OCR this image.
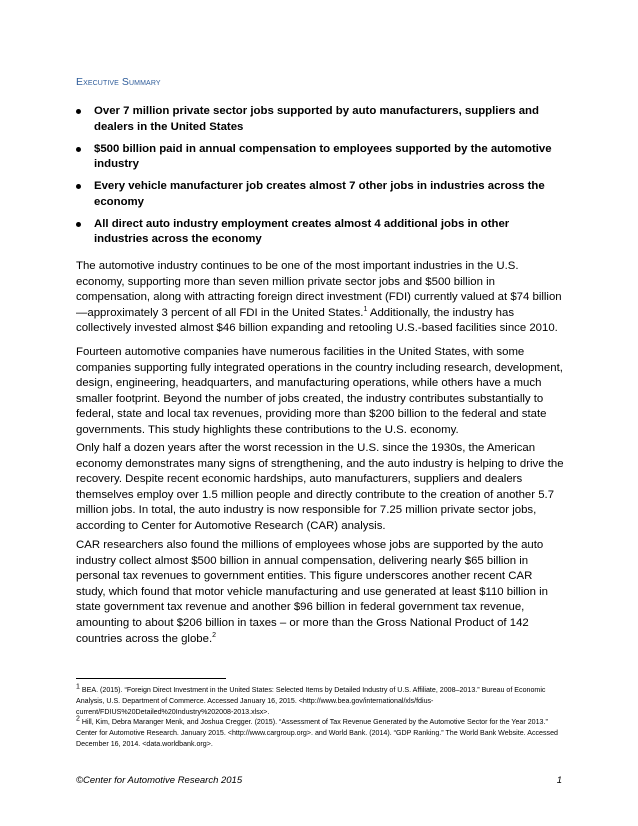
Executive Summary
Over 7 million private sector jobs supported by auto manufacturers, suppliers and dealers in the United States
$500 billion paid in annual compensation to employees supported by the automotive industry
Every vehicle manufacturer job creates almost 7 other jobs in industries across the economy
All direct auto industry employment creates almost 4 additional jobs in other industries across the economy

The automotive industry continues to be one of the most important industries in the U.S. economy, supporting more than seven million private sector jobs and $500 billion in compensation, along with attracting foreign direct investment (FDI) currently valued at $74 billion—approximately 3 percent of all FDI in the United States.$^1$ Additionally, the industry has collectively invested almost $46 billion expanding and retooling U.S.-based facilities since 2010.

Fourteen automotive companies have numerous facilities in the United States, with some companies supporting fully integrated operations in the country including research, development, design, engineering, headquarters, and manufacturing operations, while others have a much smaller footprint. Beyond the number of jobs created, the industry contributes substantially to federal, state and local tax revenues, providing more than $200 billion to the federal and state governments. This study highlights these contributions to the U.S. economy.

Only half a dozen years after the worst recession in the U.S. since the 1930s, the American economy demonstrates many signs of strengthening, and the auto industry is helping to drive the recovery. Despite recent economic hardships, auto manufacturers, suppliers and dealers themselves employ over 1.5 million people and directly contribute to the creation of another 5.7 million jobs. In total, the auto industry is now responsible for 7.25 million private sector jobs, according to Center for Automotive Research (CAR) analysis.

CAR researchers also found the millions of employees whose jobs are supported by the auto industry collect almost $500 billion in annual compensation, delivering nearly $65 billion in personal tax revenues to government entities. This figure underscores another recent CAR study, which found that motor vehicle manufacturing and use generated at least $110 billion in state government tax revenue and another $96 billion in federal government tax revenue, amounting to about $206 billion in taxes – or more than the Gross National Product of 142 countries across the globe.$^2$

$^1$ BEA. (2015). “Foreign Direct Investment in the United States: Selected Items by Detailed Industry of U.S. Affiliate, 2008–2013.” Bureau of Economic Analysis, U.S. Department of Commerce. Accessed January 16, 2015. <http://www.bea.gov/international/xls/fdius-current/FDIUS%20Detailed%20Industry%202008-2013.xlsx>.

$^2$ Hill, Kim, Debra Maranger Menk, and Joshua Cregger. (2015). “Assessment of Tax Revenue Generated by the Automotive Sector for the Year 2013.” Center for Automotive Research. January 2015. <http://www.cargroup.org>. and World Bank. (2014). “GDP Ranking.” The World Bank Website. Accessed December 16, 2014. <data.worldbank.org>.

©Center for Automotive Research 2015	1
